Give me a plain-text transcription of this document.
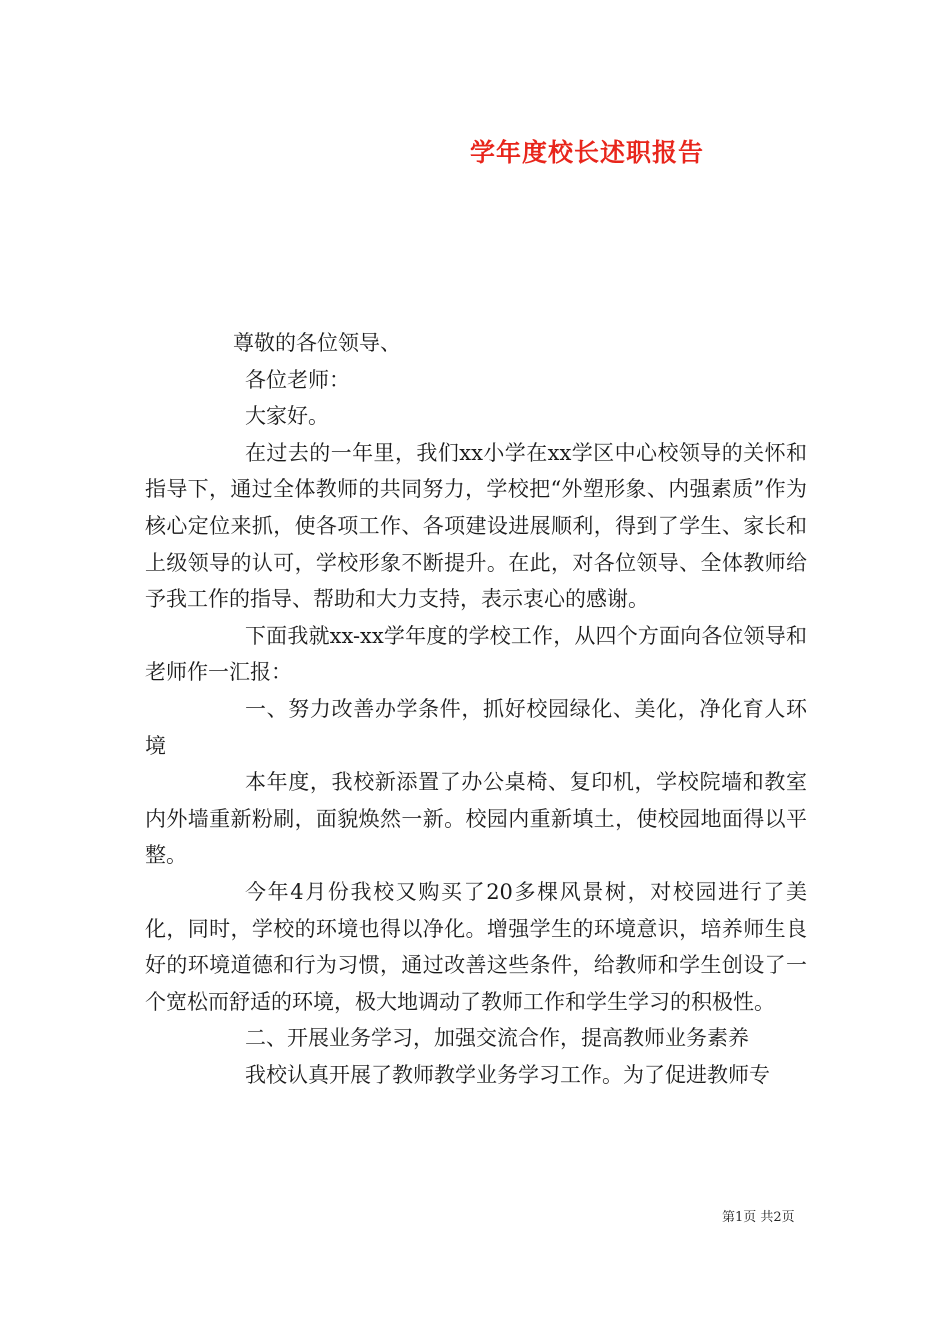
学年度校长述职报告

尊敬的各位领导、

各位老师：

大家好。

在过去的一年里，我们xx小学在xx学区中心校领导的关怀和指导下，通过全体教师的共同努力，学校把“外塑形象、内强素质”作为核心定位来抓，使各项工作、各项建设进展顺利，得到了学生、家长和上级领导的认可，学校形象不断提升。在此，对各位领导、全体教师给予我工作的指导、帮助和大力支持，表示衷心的感谢。

下面我就xx-xx学年度的学校工作，从四个方面向各位领导和老师作一汇报：

一、努力改善办学条件，抓好校园绿化、美化，净化育人环境

本年度，我校新添置了办公桌椅、复印机，学校院墙和教室内外墙重新粉刷，面貌焕然一新。校园内重新填土，使校园地面得以平整。

今年4月份我校又购买了20多棵风景树，对校园进行了美化，同时，学校的环境也得以净化。增强学生的环境意识，培养师生良好的环境道德和行为习惯，通过改善这些条件，给教师和学生创设了一个宽松而舒适的环境，极大地调动了教师工作和学生学习的积极性。

二、开展业务学习，加强交流合作，提高教师业务素养

我校认真开展了教师教学业务学习工作。为了促进教师专

第1页 共2页
